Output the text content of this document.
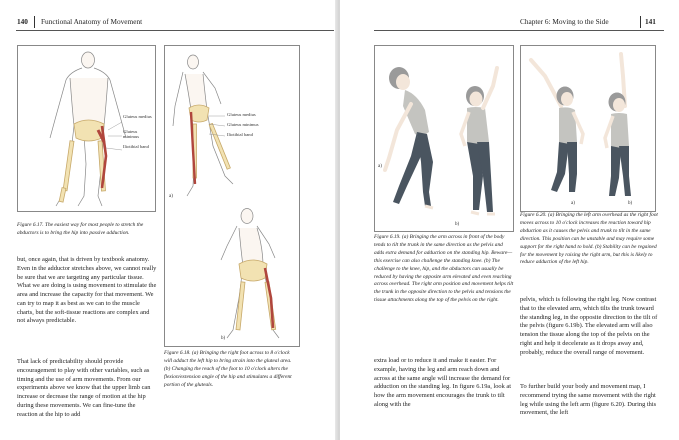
140 Functional Anatomy of Movement
Gluteus medius
Gluteus minimus
Iliotibial band
Figure 6.17. The easiest way for most people to stretch the abductors is to bring the hip into passive adduction.
Gluteus medius
Gluteus minimus
Iliotibial band
a)
b)
but, once again, that is driven by textbook anatomy. Even in the adductor stretches above, we cannot really be sure that we are targeting any particular tissue. What we are doing is using movement to stimulate the area and increase the capacity for that movement. We can try to map it as best as we can to the muscle charts, but the soft-tissue reactions are complex and not always predictable.
That lack of predictability should provide encouragement to play with other variables, such as timing and the use of arm movements. From our experiments above we know that the upper limb can increase or decrease the range of motion at the hip during these movements. We can fine-tune the reaction at the hip to add
Figure 6.18. (a) Bringing the right foot across to 8 o'clock will adduct the left hip to bring strain into the gluteal area. (b) Changing the reach of the foot to 10 o'clock alters the flexion/extension angle of the hip and stimulates a different portion of the gluteals.
Chapter 6: Moving to the Side	141
a)
b)
a)	b)
Figure 6.20. (a) Bringing the left arm overhead as the right foot moves across to 10 o'clock increases the reaction toward hip abduction as it causes the pelvis and trunk to tilt in the same direction. This position can be unstable and may require some support for the right hand to hold. (b) Stability can be regained for the movement by raising the right arm, but this is likely to reduce adduction of the left hip.
Figure 6.19. (a) Bringing the arm across in front of the body tends to tilt the trunk in the same direction as the pelvis and adds extra demand for adduction on the standing hip. Beware—this exercise can also challenge the standing knee. (b) The challenge to the knee, hip, and the abductors can usually be reduced by having the opposite arm elevated and even reaching across overhead. The right arm position and movement helps tilt the trunk in the opposite direction to the pelvis and tensions the tissue attachments along the top of the pelvis on the right.
extra load or to reduce it and make it easier. For example, having the leg and arm reach down and across at the same angle will increase the demand for adduction on the standing leg. In figure 6.19a, look at how the arm movement encourages the trunk to tilt along with the
pelvis, which is following the right leg. Now contrast that to the elevated arm, which tilts the trunk toward the standing leg, in the opposite direction to the tilt of the pelvis (figure 6.19b). The elevated arm will also tension the tissue along the top of the pelvis on the right and help it decelerate as it drops away and, probably, reduce the overall range of movement.
To further build your body and movement map, I recommend trying the same movement with the right leg while using the left arm (figure 6.20). During this movement, the left
